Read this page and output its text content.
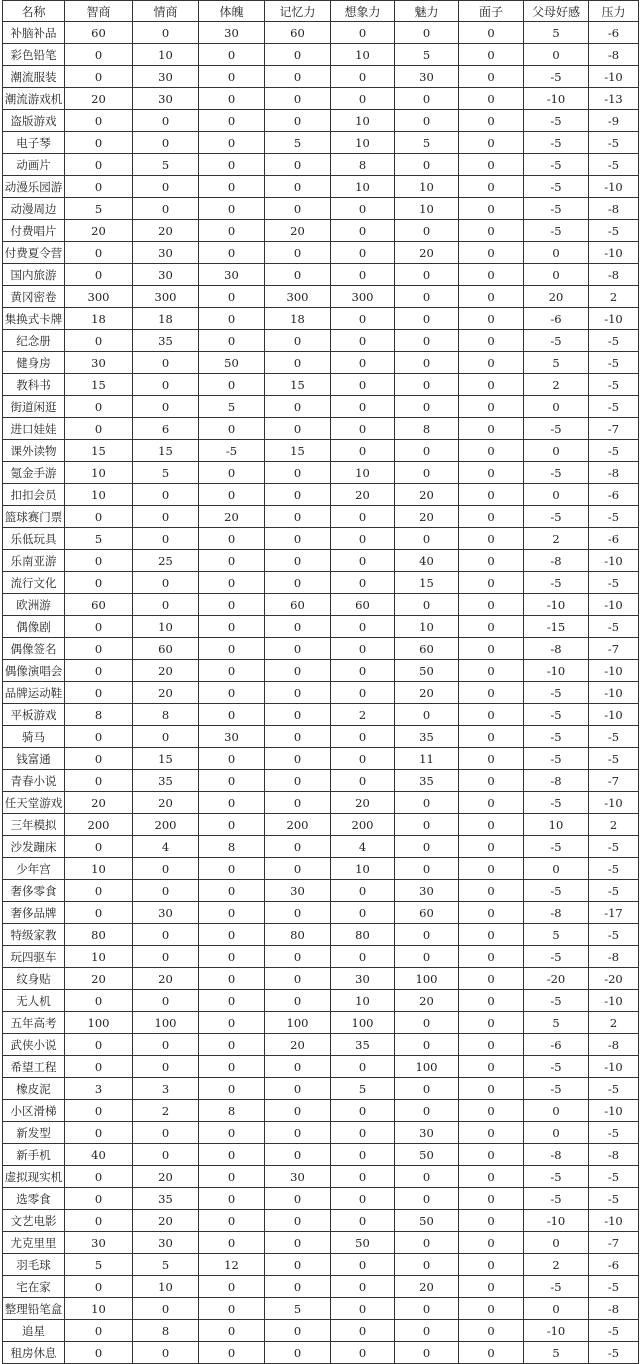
名称	智商	情商	体魄	记忆力	想象力	魅力	面子	父母好感	压力
补脑补品	60	0	30	60	0	0	0	5	-6
彩色铅笔	0	10	0	0	10	5	0	0	-8
潮流服装	0	30	0	0	0	30	0	-5	-10
潮流游戏机	20	30	0	0	0	0	0	-10	-13
盗版游戏	0	0	0	0	10	0	0	-5	-9
电子琴	0	0	0	5	10	5	0	-5	-5
动画片	0	5	0	0	8	0	0	-5	-5
动漫乐园游	0	0	0	0	10	10	0	-5	-10
动漫周边	5	0	0	0	0	10	0	-5	-8
付费唱片	20	20	0	20	0	0	0	-5	-5
付费夏令营	0	30	0	0	0	20	0	0	-10
国内旅游	0	30	30	0	0	0	0	0	-8
黄冈密卷	300	300	0	300	300	0	0	20	2
集换式卡牌	18	18	0	18	0	0	0	-6	-10
纪念册	0	35	0	0	0	0	0	-5	-5
健身房	30	0	50	0	0	0	0	5	-5
教科书	15	0	0	15	0	0	0	2	-5
街道闲逛	0	0	5	0	0	0	0	0	-5
进口娃娃	0	6	0	0	0	8	0	-5	-7
课外读物	15	15	-5	15	0	0	0	0	-5
氪金手游	10	5	0	0	10	0	0	-5	-8
扣扣会员	10	0	0	0	20	20	0	0	-6
篮球赛门票	0	0	20	0	0	20	0	-5	-5
乐低玩具	5	0	0	0	0	0	0	2	-6
乐南亚游	0	25	0	0	0	40	0	-8	-10
流行文化	0	0	0	0	0	15	0	-5	-5
欧洲游	60	0	0	60	60	0	0	-10	-10
偶像剧	0	10	0	0	0	10	0	-15	-5
偶像签名	0	60	0	0	0	60	0	-8	-7
偶像演唱会	0	20	0	0	0	50	0	-10	-10
品牌运动鞋	0	20	0	0	0	20	0	-5	-10
平板游戏	8	8	0	0	2	0	0	-5	-10
骑马	0	0	30	0	0	35	0	-5	-5
钱富通	0	15	0	0	0	11	0	-5	-5
青春小说	0	35	0	0	0	35	0	-8	-7
任天堂游戏	20	20	0	0	20	0	0	-5	-10
三年模拟	200	200	0	200	200	0	0	10	2
沙发蹦床	0	4	8	0	4	0	0	-5	-5
少年宫	10	0	0	0	10	0	0	0	-5
奢侈零食	0	0	0	30	0	30	0	-5	-5
奢侈品牌	0	30	0	0	0	60	0	-8	-17
特级家教	80	0	0	80	80	0	0	5	-5
玩四驱车	10	0	0	0	0	0	0	-5	-8
纹身贴	20	20	0	0	30	100	0	-20	-20
无人机	0	0	0	0	10	20	0	-5	-10
五年高考	100	100	0	100	100	0	0	5	2
武侠小说	0	0	0	20	35	0	0	-6	-8
希望工程	0	0	0	0	0	100	0	-5	-10
橡皮泥	3	3	0	0	5	0	0	-5	-5
小区滑梯	0	2	8	0	0	0	0	0	-10
新发型	0	0	0	0	0	30	0	0	-5
新手机	40	0	0	0	0	50	0	-8	-8
虚拟现实机	0	20	0	30	0	0	0	-5	-5
选零食	0	35	0	0	0	0	0	-5	-5
文艺电影	0	20	0	0	0	50	0	-10	-10
尤克里里	30	30	0	0	50	0	0	0	-7
羽毛球	5	5	12	0	0	0	0	2	-6
宅在家	0	10	0	0	0	20	0	-5	-5
整理铅笔盒	10	0	0	5	0	0	0	0	-8
追星	0	8	0	0	0	0	0	-10	-5
租房休息	0	0	0	0	0	0	0	5	-5
